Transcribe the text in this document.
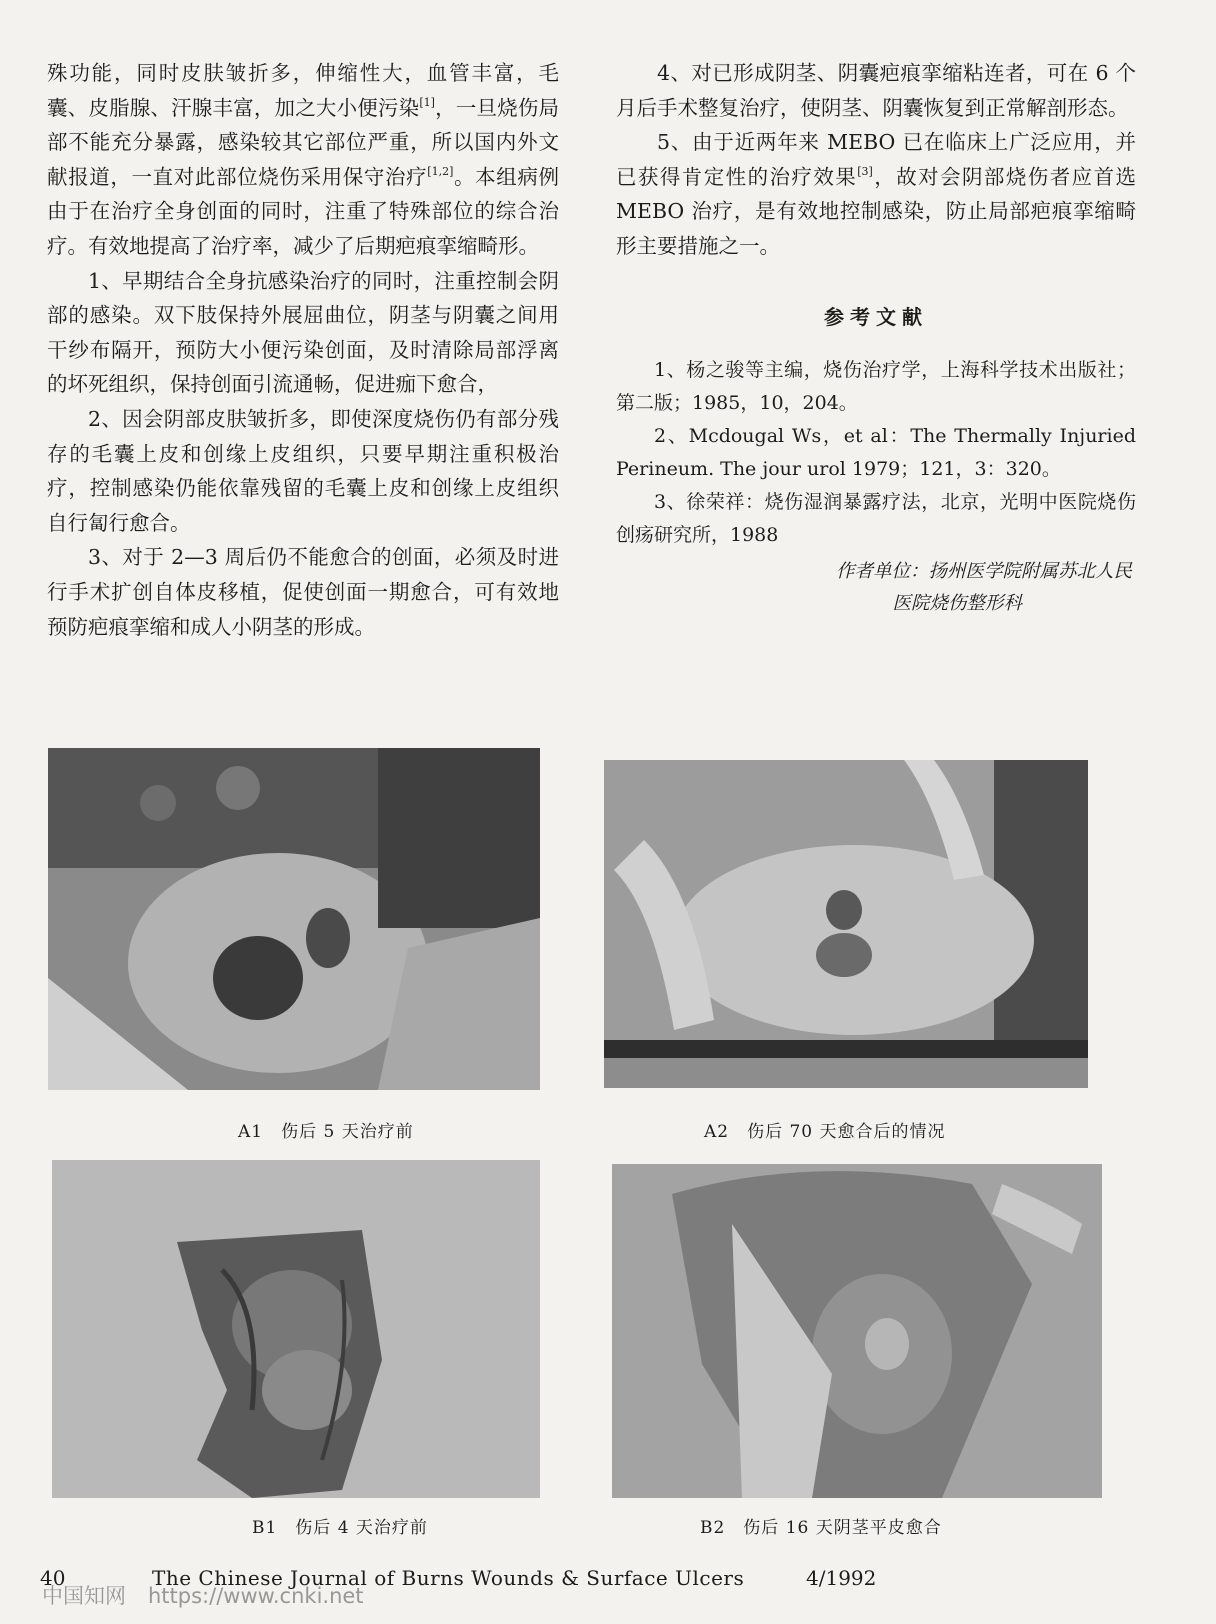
殊功能，同时皮肤皱折多，伸缩性大，血管丰富，毛囊、皮脂腺、汗腺丰富，加之大小便污染[1]，一旦烧伤局部不能充分暴露，感染较其它部位严重，所以国内外文献报道，一直对此部位烧伤采用保守治疗[1,2]。本组病例由于在治疗全身创面的同时，注重了特殊部位的综合治疗。有效地提高了治疗率，减少了后期疤痕挛缩畸形。

1、早期结合全身抗感染治疗的同时，注重控制会阴部的感染。双下肢保持外展屈曲位，阴茎与阴囊之间用干纱布隔开，预防大小便污染创面，及时清除局部浮离的坏死组织，保持创面引流通畅，促进痂下愈合，

2、因会阴部皮肤皱折多，即使深度烧伤仍有部分残存的毛囊上皮和创缘上皮组织，只要早期注重积极治疗，控制感染仍能依靠残留的毛囊上皮和创缘上皮组织自行匐行愈合。

3、对于 2—3 周后仍不能愈合的创面，必须及时进行手术扩创自体皮移植，促使创面一期愈合，可有效地预防疤痕挛缩和成人小阴茎的形成。

4、对已形成阴茎、阴囊疤痕挛缩粘连者，可在 6 个月后手术整复治疗，使阴茎、阴囊恢复到正常解剖形态。

5、由于近两年来 MEBO 已在临床上广泛应用，并已获得肯定性的治疗效果[3]，故对会阴部烧伤者应首选 MEBO 治疗，是有效地控制感染，防止局部疤痕挛缩畸形主要措施之一。

参考文献

1、杨之骏等主编，烧伤治疗学，上海科学技术出版社；第二版；1985，10，204。

2、Mcdougal Ws，et al：The Thermally Injuried Perineum. The jour urol 1979；121，3：320。

3、徐荣祥：烧伤湿润暴露疗法，北京，光明中医院烧伤创疡研究所，1988

作者单位：扬州医学院附属苏北人民
医院烧伤整形科
A1　伤后 5 天治疗前	A2　伤后 70 天愈合后的情况
B1　伤后 4 天治疗前	B2　伤后 16 天阴茎平皮愈合
40	The Chinese Journal of Burns Wounds & Surface Ulcers	4/1992
中国知网 https://www.cnki.net
